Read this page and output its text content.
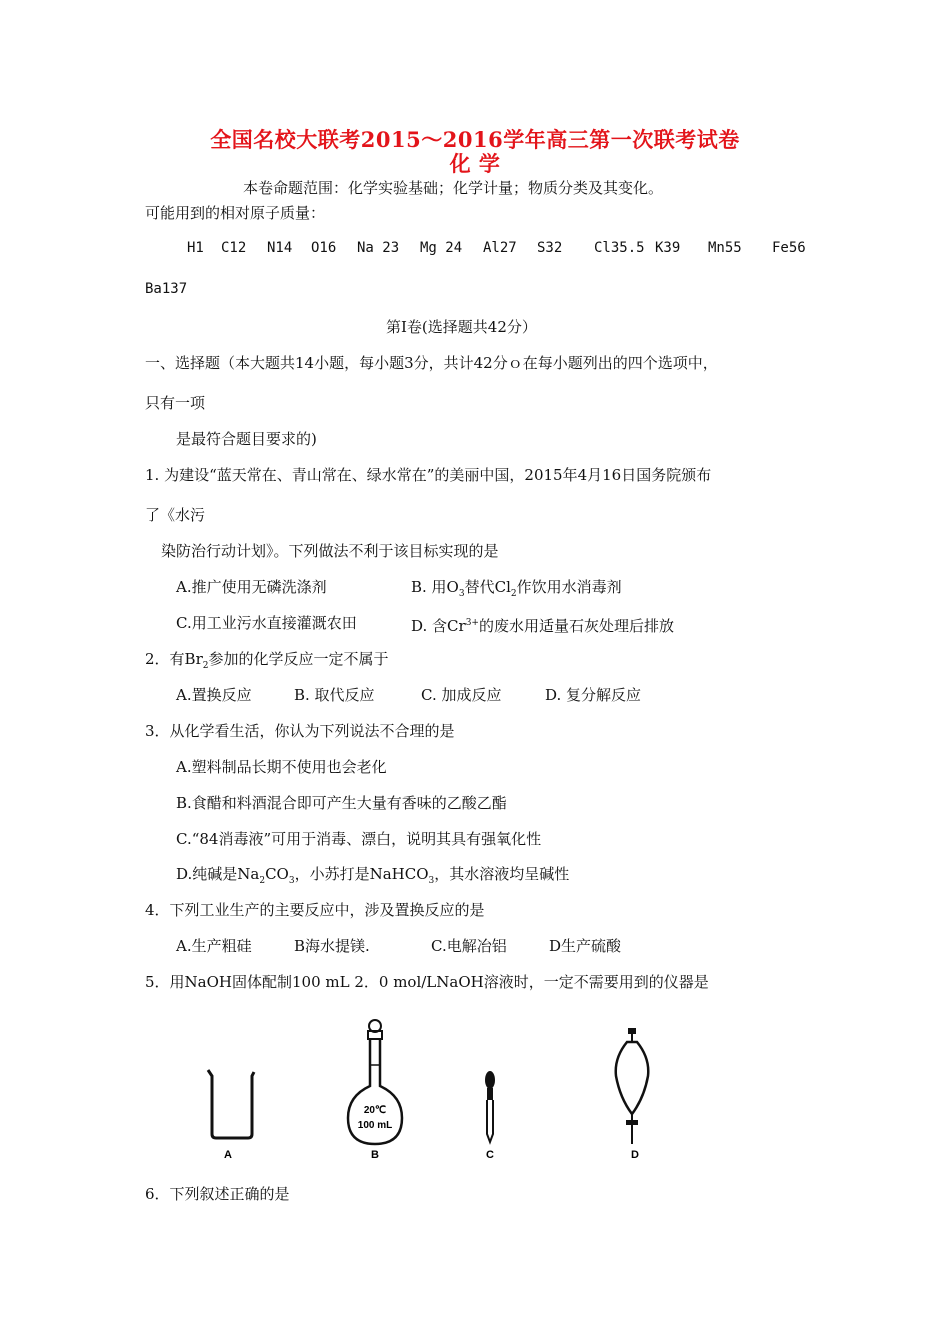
全国名校大联考2015～2016学年高三第一次联考试卷
化 学
本卷命题范围：化学实验基础；化学计量；物质分类及其变化。
可能用到的相对原子质量：
H1 C12 N14 O16 Na 23 Mg 24 Al27 S32 Cl35.5 K39 Mn55 Fe56
Ba137
第Ⅰ卷(选择题共42分）
一、选择题（本大题共14小题，每小题3分，共计42分ｏ在每小题列出的四个选项中，
只有一项
是最符合题目要求的)
1. 为建设“蓝天常在、青山常在、绿水常在”的美丽中国，2015年4月16日国务院颁布
了《水污
染防治行动计划》。下列做法不利于该目标实现的是
A.推广使用无磷洗涤剂	B. 用$O_3$替代$Cl_2$作饮用水消毒剂
C.用工业污水直接灌溉农田	D. 含$Cr^{3+}$的废水用适量石灰处理后排放
2．有$Br_2$参加的化学反应一定不属于
A.置换反应	B. 取代反应	C. 加成反应	D. 复分解反应
3．从化学看生活，你认为下列说法不合理的是
A.塑料制品长期不使用也会老化
B.食醋和料酒混合即可产生大量有香味的乙酸乙酯
C.“84消毒液”可用于消毒、漂白，说明其具有强氧化性
D.纯碱是$Na_2CO_3$，小苏打是NaHCO$_3$，其水溶液均呈碱性
4．下列工业生产的主要反应中，涉及置换反应的是
A.生产粗硅	B海水提镁.	C.电解冶铝	D生产硫酸
5．用NaOH固体配制100 mL 2．0 mol/LNaOH溶液时，一定不需要用到的仪器是
A
20℃
100 mL
B	C	D
6．下列叙述正确的是
